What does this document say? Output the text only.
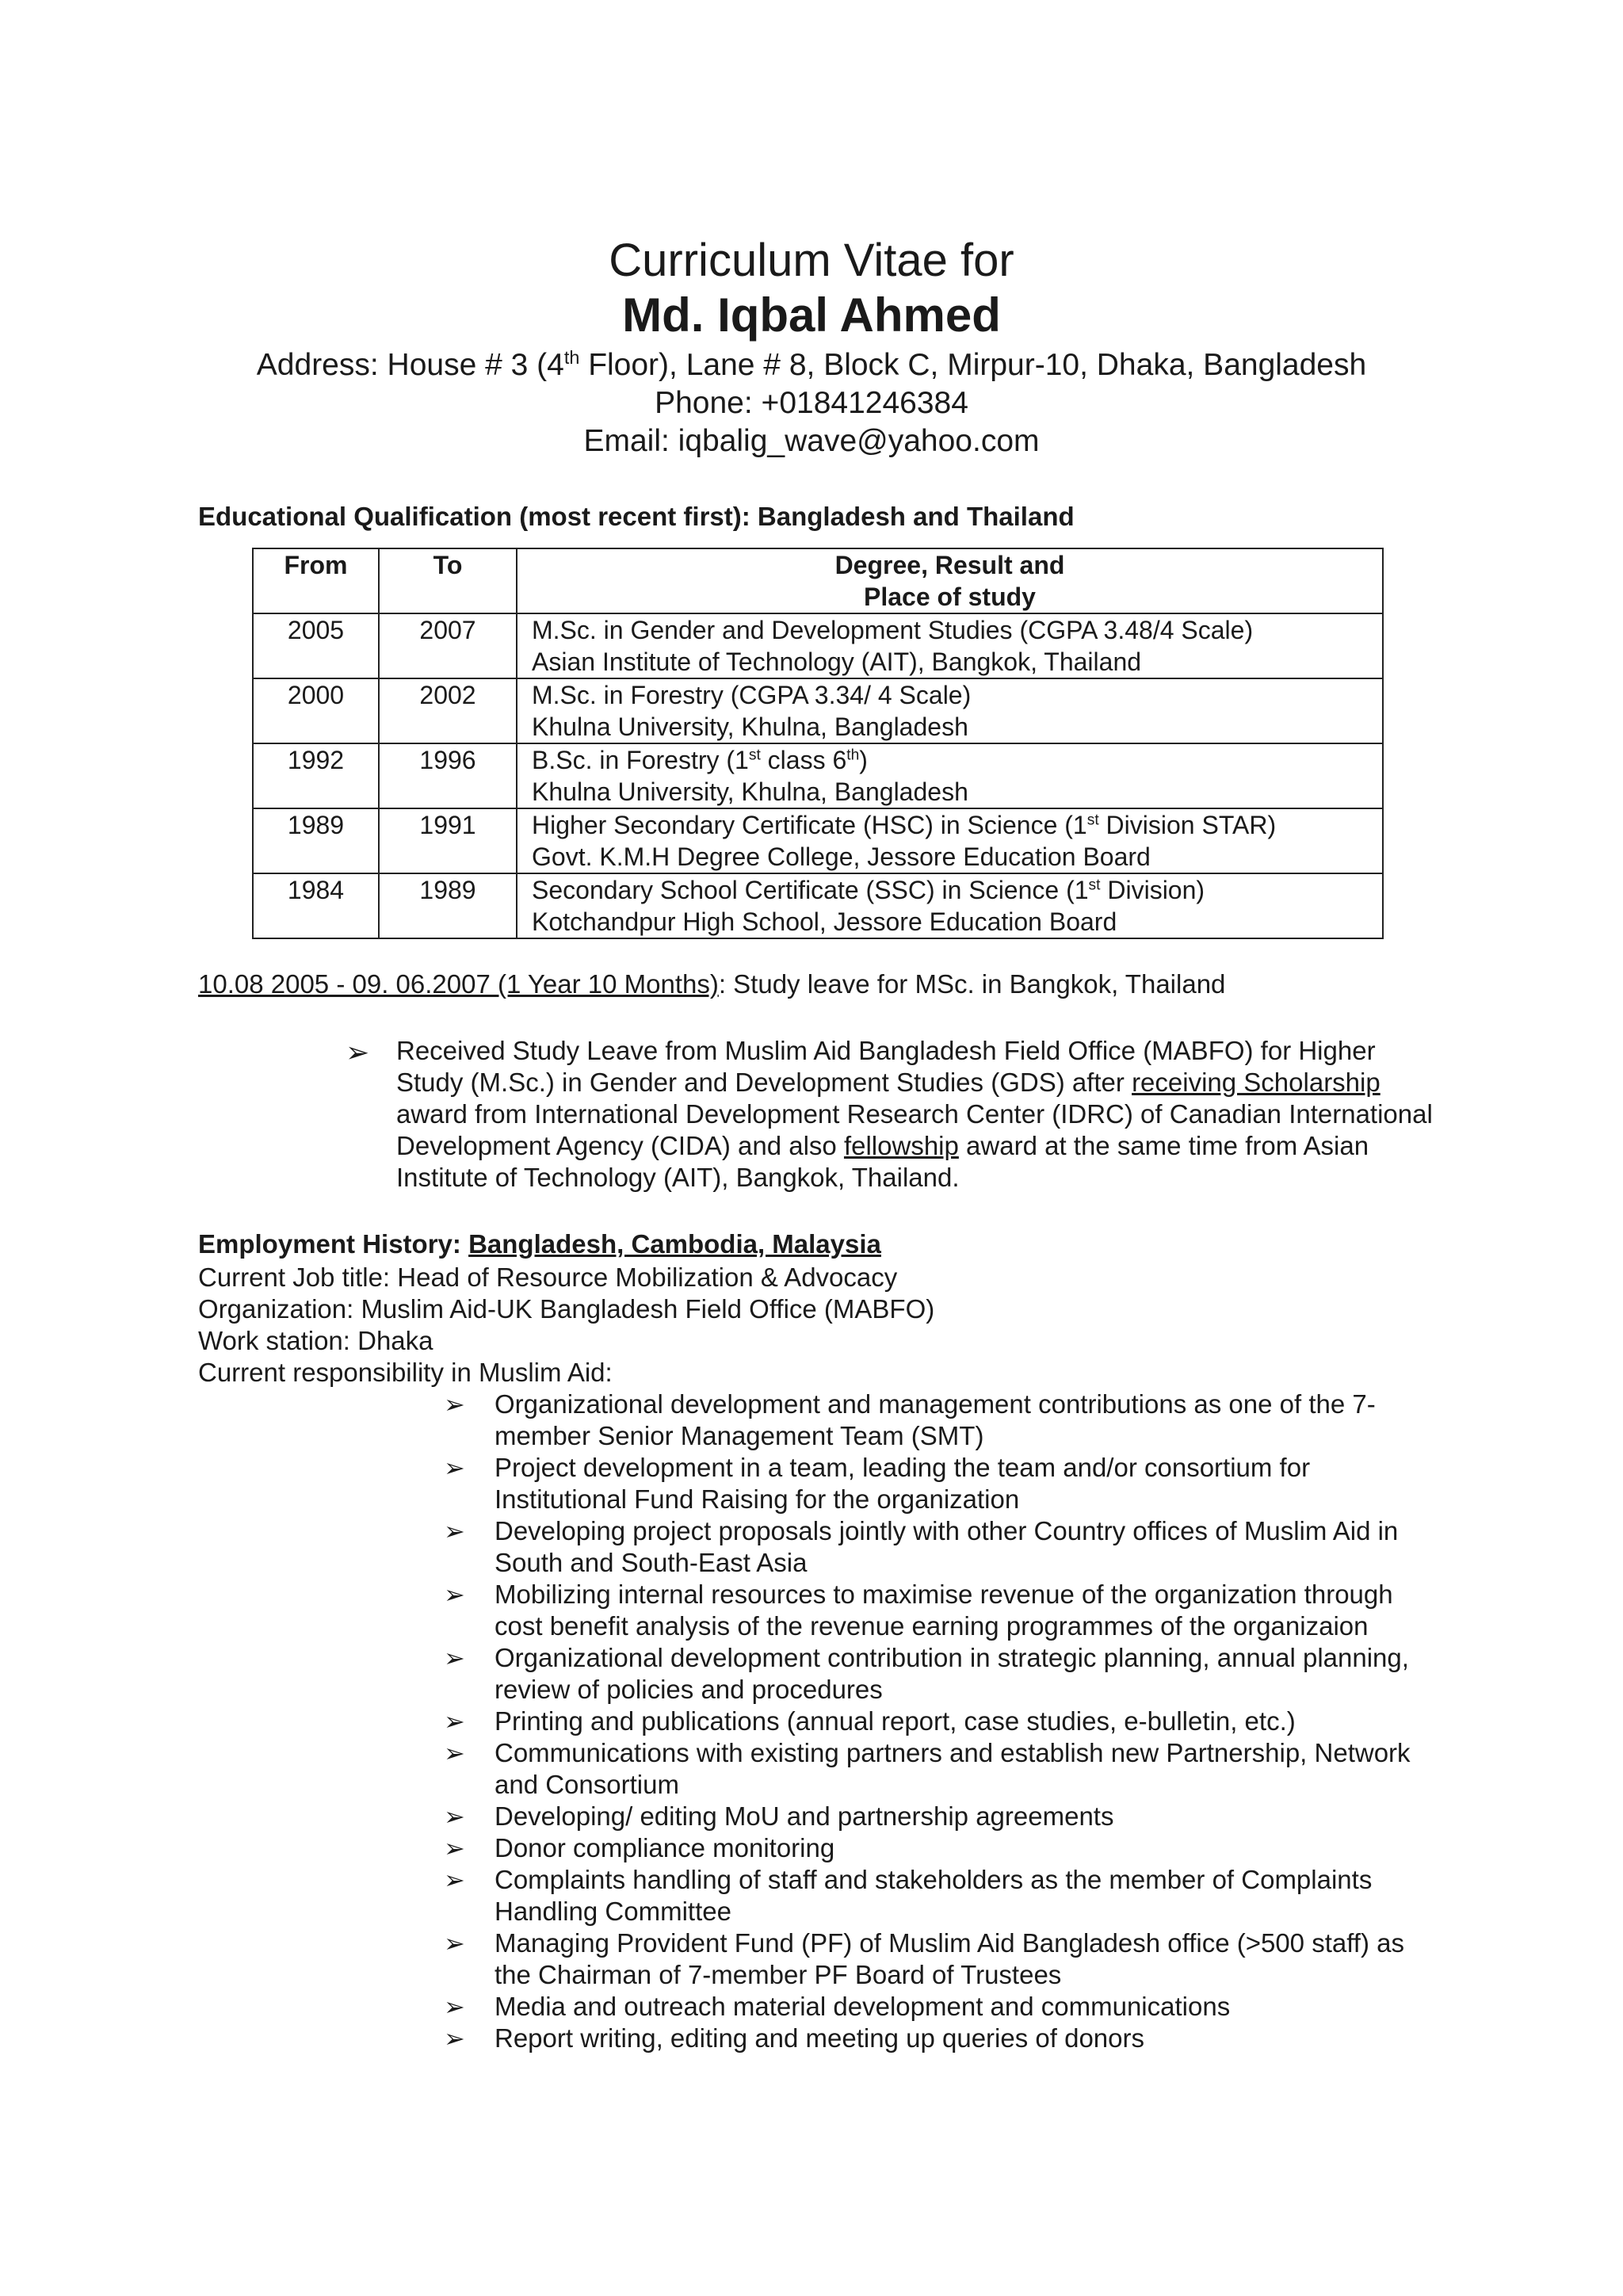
Curriculum Vitae for
Md. Iqbal Ahmed
Address: House # 3 (4th Floor), Lane # 8, Block C, Mirpur-10, Dhaka, Bangladesh
Phone: +01841246384
Email: iqbalig_wave@yahoo.com
Educational Qualification (most recent first): Bangladesh and Thailand
From	To	Degree, Result and
Place of study

2005	2007	M.Sc. in Gender and Development Studies (CGPA 3.48/4 Scale)
Asian Institute of Technology (AIT), Bangkok, Thailand

2000	2002	M.Sc. in Forestry (CGPA 3.34/ 4 Scale)
Khulna University, Khulna, Bangladesh

1992	1996	B.Sc. in Forestry (1st class 6th)
Khulna University, Khulna, Bangladesh

1989	1991	Higher Secondary Certificate (HSC) in Science (1st Division STAR)
Govt. K.M.H Degree College, Jessore Education Board

1984	1989	Secondary School Certificate (SSC) in Science (1st Division)
Kotchandpur High School, Jessore Education Board
10.08 2005 - 09. 06.2007 (1 Year 10 Months): Study leave for MSc. in Bangkok, Thailand
➢ Received Study Leave from Muslim Aid Bangladesh Field Office (MABFO) for Higher Study (M.Sc.) in Gender and Development Studies (GDS) after receiving Scholarship award from International Development Research Center (IDRC) of Canadian International Development Agency (CIDA) and also fellowship award at the same time from Asian Institute of Technology (AIT), Bangkok, Thailand.
Employment History: Bangladesh, Cambodia, Malaysia
Current Job title: Head of Resource Mobilization & Advocacy
Organization: Muslim Aid-UK Bangladesh Field Office (MABFO)
Work station: Dhaka
Current responsibility in Muslim Aid:
➢ Organizational development and management contributions as one of the 7-member Senior Management Team (SMT)
➢ Project development in a team, leading the team and/or consortium for Institutional Fund Raising for the organization
➢ Developing project proposals jointly with other Country offices of Muslim Aid in South and South-East Asia
➢ Mobilizing internal resources to maximise revenue of the organization through cost benefit analysis of the revenue earning programmes of the organizaion
➢ Organizational development contribution in strategic planning, annual planning, review of policies and procedures
➢ Printing and publications (annual report, case studies, e-bulletin, etc.)
➢ Communications with existing partners and establish new Partnership, Network and Consortium
➢ Developing/ editing MoU and partnership agreements
➢ Donor compliance monitoring
➢ Complaints handling of staff and stakeholders as the member of Complaints Handling Committee
➢ Managing Provident Fund (PF) of Muslim Aid Bangladesh office (>500 staff) as the Chairman of 7-member PF Board of Trustees
➢ Media and outreach material development and communications
➢ Report writing, editing and meeting up queries of donors
